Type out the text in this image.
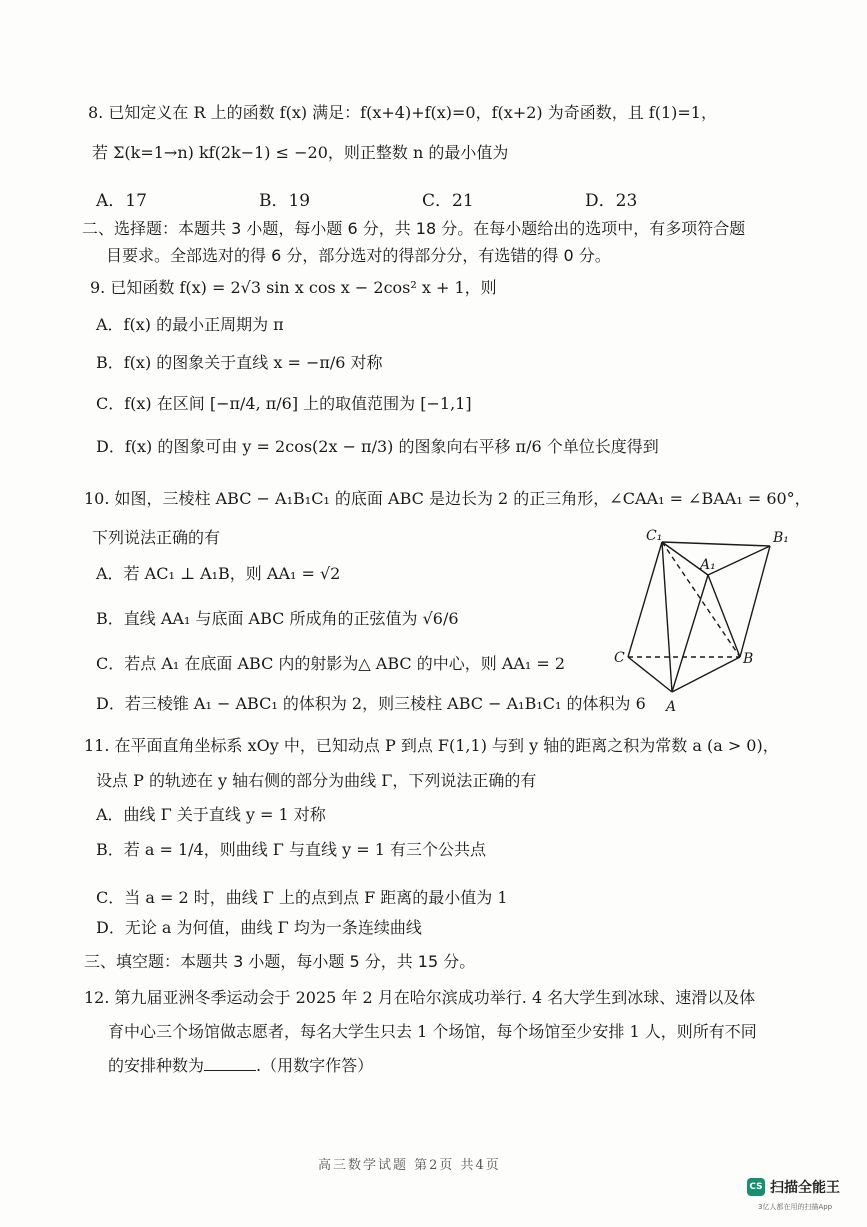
8. 已知定义在 R 上的函数 f(x) 满足：f(x+4)+f(x)=0，f(x+2) 为奇函数，且 f(1)=1，
若 Σ(k=1→n) kf(2k−1) ≤ −20，则正整数 n 的最小值为
A．17	B．19	C．21	D．23
二、选择题：本题共 3 小题，每小题 6 分，共 18 分。在每小题给出的选项中，有多项符合题
目要求。全部选对的得 6 分，部分选对的得部分分，有选错的得 0 分。
9. 已知函数 f(x) = 2√3 sin x cos x − 2cos² x + 1，则
A．f(x) 的最小正周期为 π
B．f(x) 的图象关于直线 x = −π/6 对称
C．f(x) 在区间 [−π/4, π/6] 上的取值范围为 [−1,1]
D．f(x) 的图象可由 y = 2cos(2x − π/3) 的图象向右平移 π/6 个单位长度得到
10. 如图，三棱柱 ABC − A₁B₁C₁ 的底面 ABC 是边长为 2 的正三角形，∠CAA₁ = ∠BAA₁ = 60°，
下列说法正确的有
A．若 AC₁ ⊥ A₁B，则 AA₁ = √2
B．直线 AA₁ 与底面 ABC 所成角的正弦值为 √6/6
C．若点 A₁ 在底面 ABC 内的射影为△ ABC 的中心，则 AA₁ = 2
D．若三棱锥 A₁ − ABC₁ 的体积为 2，则三棱柱 ABC − A₁B₁C₁ 的体积为 6
C₁	B₁
A₁
C	B
A
11. 在平面直角坐标系 xOy 中，已知动点 P 到点 F(1,1) 与到 y 轴的距离之积为常数 a (a > 0)，
设点 P 的轨迹在 y 轴右侧的部分为曲线 Γ，下列说法正确的有
A．曲线 Γ 关于直线 y = 1 对称
B．若 a = 1/4，则曲线 Γ 与直线 y = 1 有三个公共点
C．当 a = 2 时，曲线 Γ 上的点到点 F 距离的最小值为 1
D．无论 a 为何值，曲线 Γ 均为一条连续曲线
三、填空题：本题共 3 小题，每小题 5 分，共 15 分。
12. 第九届亚洲冬季运动会于 2025 年 2 月在哈尔滨成功举行. 4 名大学生到冰球、速滑以及体
育中心三个场馆做志愿者，每名大学生只去 1 个场馆，每个场馆至少安排 1 人，则所有不同
的安排种数为	.（用数字作答）
高三数学试题 第2页 共4页
CS 扫描全能王
3亿人都在用的扫描App
